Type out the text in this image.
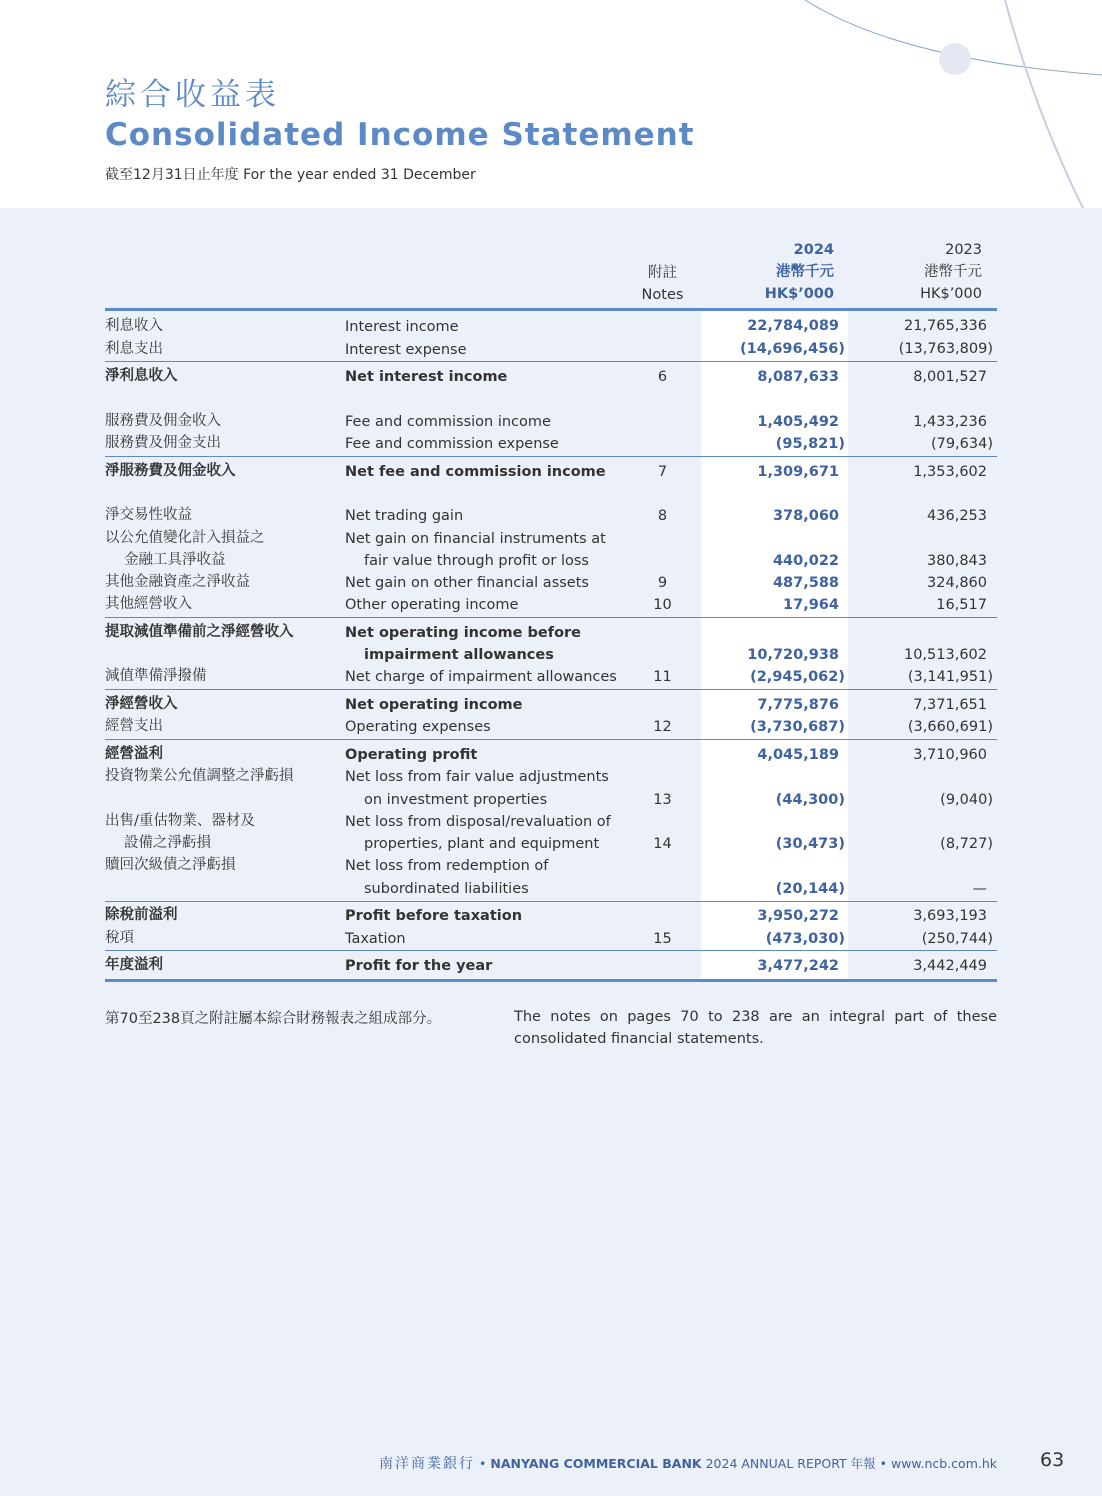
綜合收益表
Consolidated Income Statement
截至12月31日止年度 For the year ended 31 December
附註
Notes
2024
港幣千元
HK$’000
2023
港幣千元
HK$’000
利息收入	Interest income	22,784,089	21,765,336
利息支出	Interest expense	(14,696,456)	(13,763,809)
淨利息收入	Net interest income	6	8,087,633	8,001,527
服務費及佣金收入	Fee and commission income	1,405,492	1,433,236
服務費及佣金支出	Fee and commission expense	(95,821)	(79,634)
淨服務費及佣金收入	Net fee and commission income	7	1,309,671	1,353,602
淨交易性收益	Net trading gain	8	378,060	436,253
以公允值變化計入損益之
金融工具淨收益
Net gain on financial instruments at
fair value through profit or loss	440,022	380,843
其他金融資產之淨收益	Net gain on other financial assets	9	487,588	324,860
其他經營收入	Other operating income	10	17,964	16,517
提取減值準備前之淨經營收入	Net operating income before
impairment allowances	10,720,938	10,513,602
減值準備淨撥備	Net charge of impairment allowances	11	(2,945,062)	(3,141,951)
淨經營收入	Net operating income	7,775,876	7,371,651
經營支出	Operating expenses	12	(3,730,687)	(3,660,691)
經營溢利	Operating profit	4,045,189	3,710,960
投資物業公允值調整之淨虧損	Net loss from fair value adjustments
on investment properties	13	(44,300)	(9,040)
出售/重估物業、器材及
設備之淨虧損
Net loss from disposal/revaluation of
properties, plant and equipment	14	(30,473)	(8,727)
贖回次級債之淨虧損	Net loss from redemption of
subordinated liabilities	(20,144)	—
除稅前溢利	Profit before taxation	3,950,272	3,693,193
稅項	Taxation	15	(473,030)	(250,744)
年度溢利	Profit for the year	3,477,242	3,442,449
第70至238頁之附註屬本綜合財務報表之組成部分。	The notes on pages 70 to 238 are an integral part of these consolidated financial statements.
南洋商業銀行 • NANYANG COMMERCIAL BANK 2024 ANNUAL REPORT 年報 • www.ncb.com.hk 63
